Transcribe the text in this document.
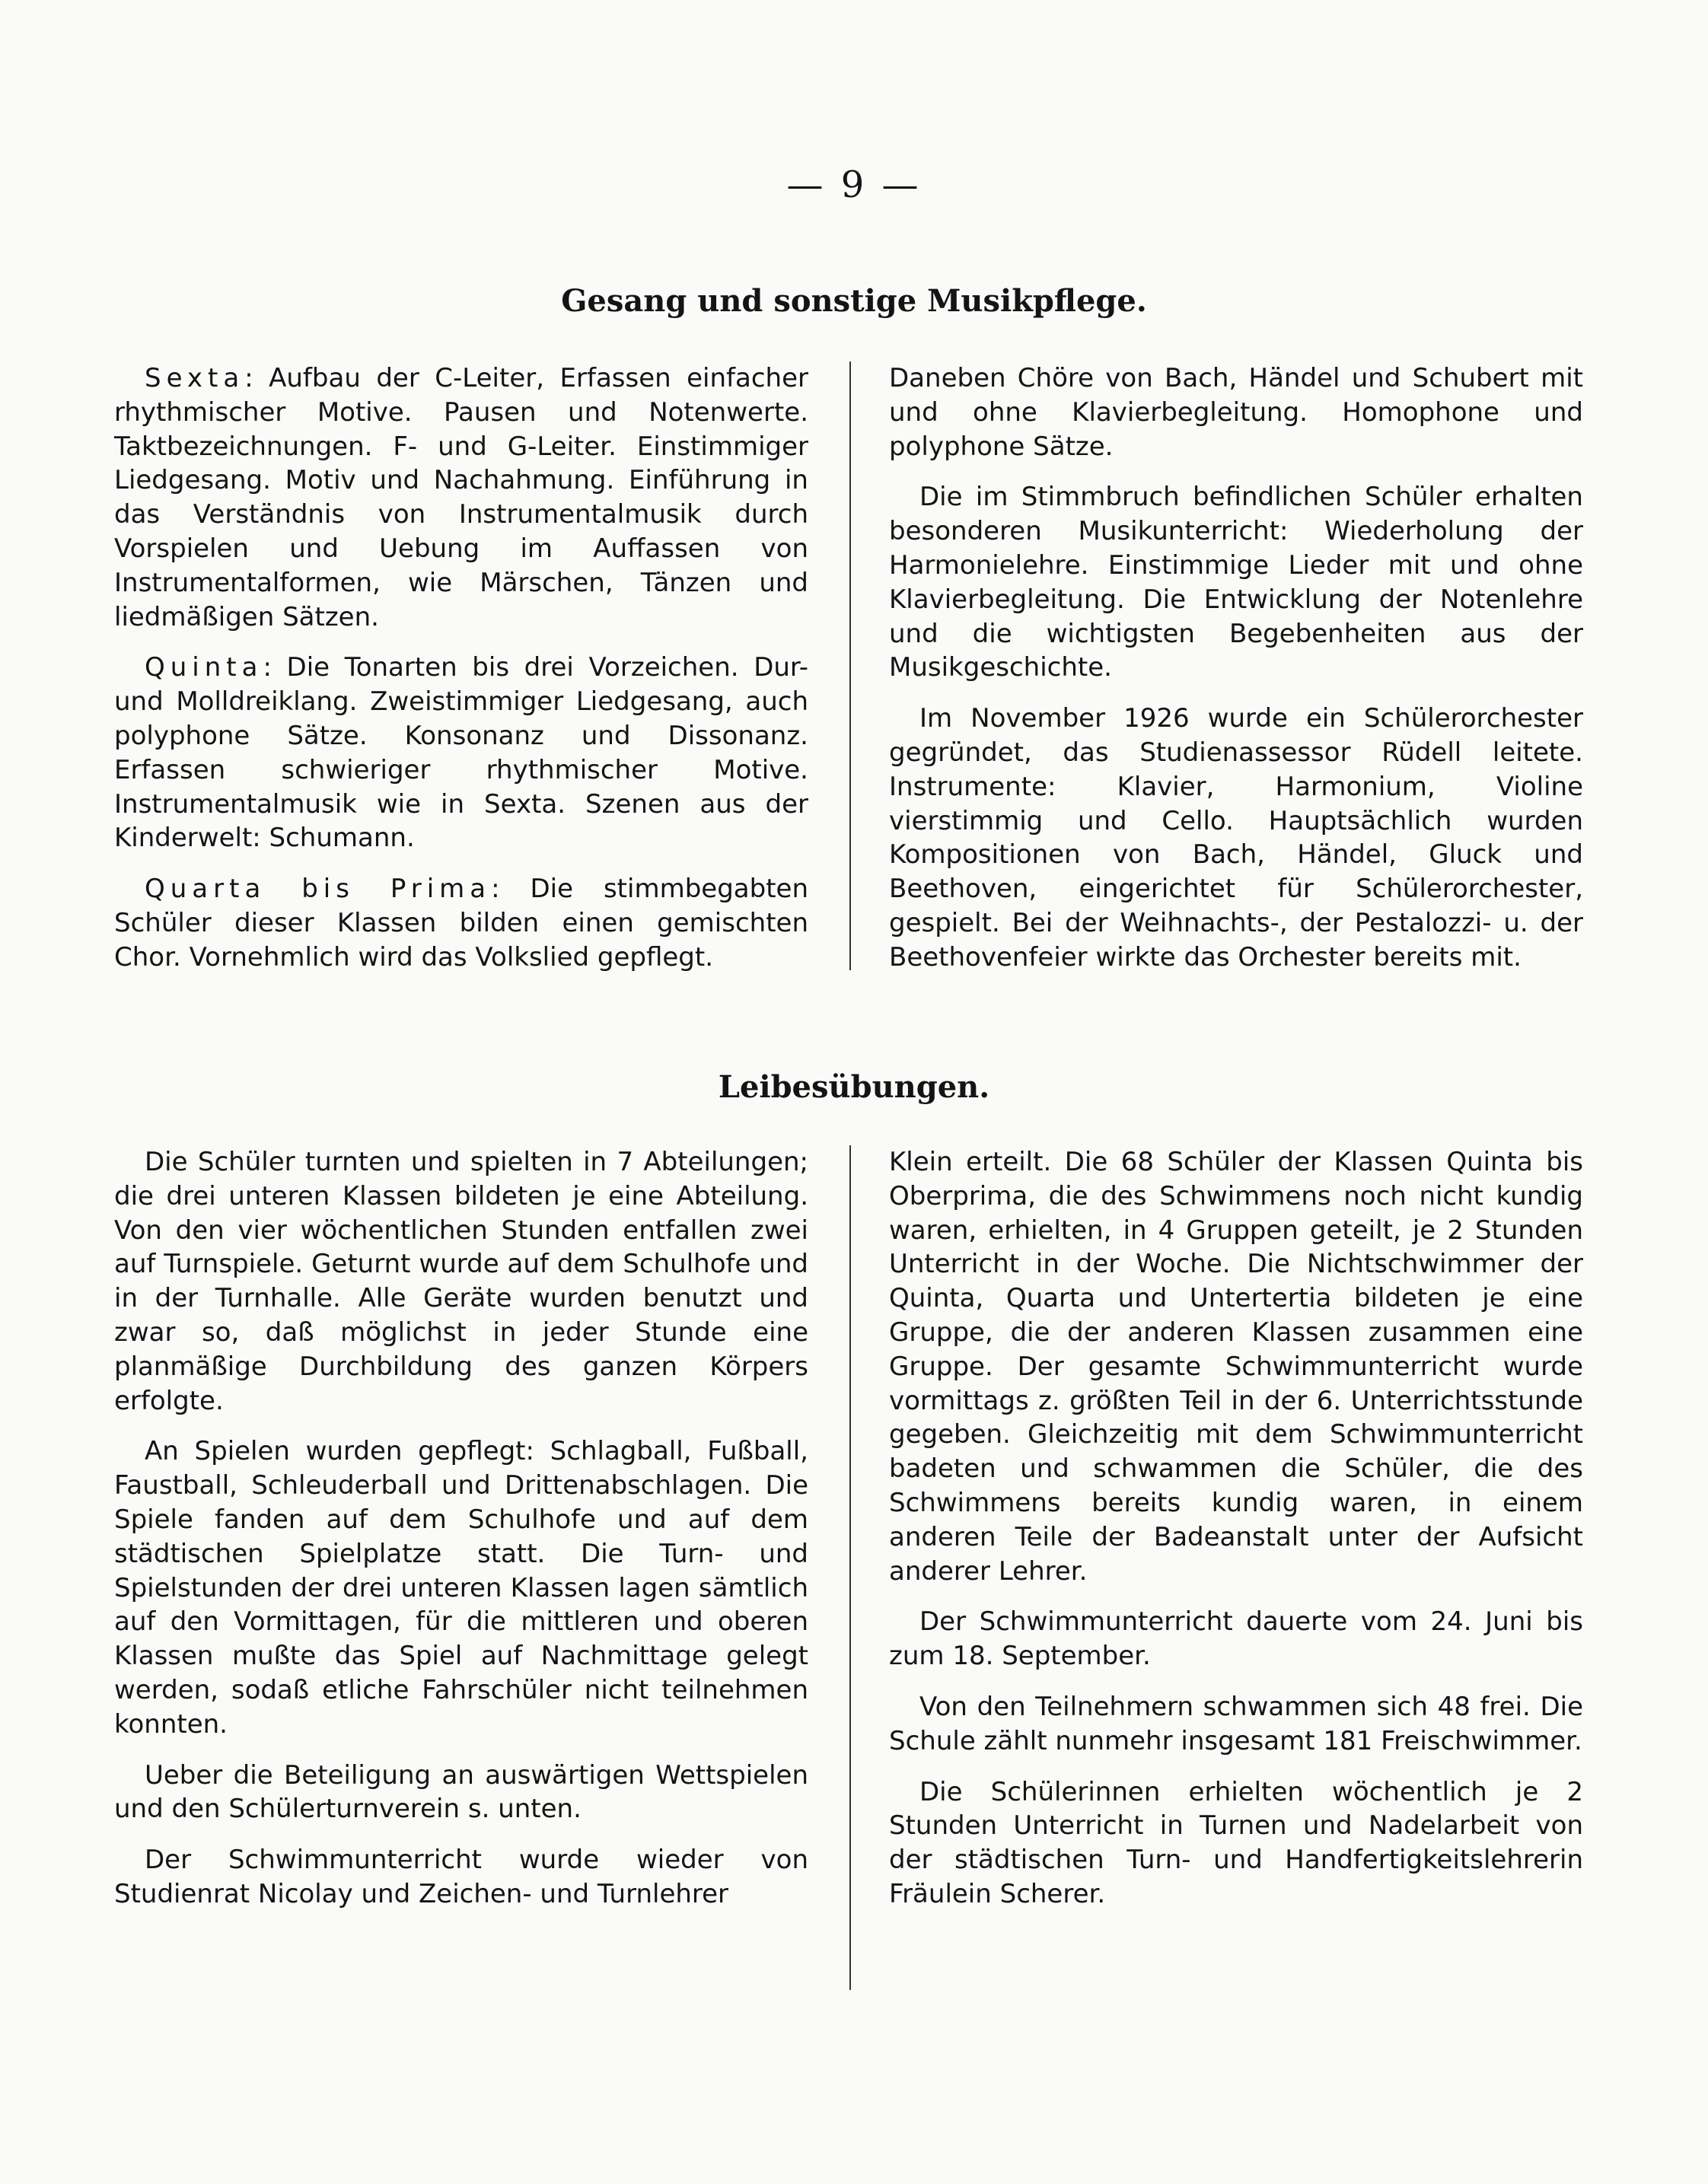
— 9 —
Gesang und sonstige Musikpflege.

Sexta: Aufbau der C-Leiter, Erfassen einfacher rhythmischer Motive. Pausen und Notenwerte. Taktbezeichnungen. F- und G-Leiter. Einstimmiger Liedgesang. Motiv und Nachahmung. Einführung in das Verständnis von Instrumentalmusik durch Vorspielen und Uebung im Auffassen von Instrumentalformen, wie Märschen, Tänzen und liedmäßigen Sätzen.

Quinta: Die Tonarten bis drei Vorzeichen. Dur- und Molldreiklang. Zweistimmiger Liedgesang, auch polyphone Sätze. Konsonanz und Dissonanz. Erfassen schwieriger rhythmischer Motive. Instrumentalmusik wie in Sexta. Szenen aus der Kinderwelt: Schumann.

Quarta bis Prima: Die stimmbegabten Schüler dieser Klassen bilden einen gemischten Chor. Vornehmlich wird das Volkslied gepflegt.

Daneben Chöre von Bach, Händel und Schubert mit und ohne Klavierbegleitung. Homophone und polyphone Sätze.

Die im Stimmbruch befindlichen Schüler erhalten besonderen Musikunterricht: Wiederholung der Harmonielehre. Einstimmige Lieder mit und ohne Klavierbegleitung. Die Entwicklung der Notenlehre und die wichtigsten Begebenheiten aus der Musikgeschichte.

Im November 1926 wurde ein Schülerorchester gegründet, das Studienassessor Rüdell leitete. Instrumente: Klavier, Harmonium, Violine vierstimmig und Cello. Hauptsächlich wurden Kompositionen von Bach, Händel, Gluck und Beethoven, eingerichtet für Schülerorchester, gespielt. Bei der Weihnachts-, der Pestalozzi- u. der Beethovenfeier wirkte das Orchester bereits mit.

Leibesübungen.

Die Schüler turnten und spielten in 7 Abteilungen; die drei unteren Klassen bildeten je eine Abteilung. Von den vier wöchentlichen Stunden entfallen zwei auf Turnspiele. Geturnt wurde auf dem Schulhofe und in der Turnhalle. Alle Geräte wurden benutzt und zwar so, daß möglichst in jeder Stunde eine planmäßige Durchbildung des ganzen Körpers erfolgte.

An Spielen wurden gepflegt: Schlagball, Fußball, Faustball, Schleuderball und Drittenabschlagen. Die Spiele fanden auf dem Schulhofe und auf dem städtischen Spielplatze statt. Die Turn- und Spielstunden der drei unteren Klassen lagen sämtlich auf den Vormittagen, für die mittleren und oberen Klassen mußte das Spiel auf Nachmittage gelegt werden, sodaß etliche Fahrschüler nicht teilnehmen konnten.

Ueber die Beteiligung an auswärtigen Wettspielen und den Schülerturnverein s. unten.

Der Schwimmunterricht wurde wieder von Studienrat Nicolay und Zeichen- und Turnlehrer

Klein erteilt. Die 68 Schüler der Klassen Quinta bis Oberprima, die des Schwimmens noch nicht kundig waren, erhielten, in 4 Gruppen geteilt, je 2 Stunden Unterricht in der Woche. Die Nichtschwimmer der Quinta, Quarta und Untertertia bildeten je eine Gruppe, die der anderen Klassen zusammen eine Gruppe. Der gesamte Schwimmunterricht wurde vormittags z. größten Teil in der 6. Unterrichtsstunde gegeben. Gleichzeitig mit dem Schwimmunterricht badeten und schwammen die Schüler, die des Schwimmens bereits kundig waren, in einem anderen Teile der Badeanstalt unter der Aufsicht anderer Lehrer.

Der Schwimmunterricht dauerte vom 24. Juni bis zum 18. September.

Von den Teilnehmern schwammen sich 48 frei. Die Schule zählt nunmehr insgesamt 181 Freischwimmer.

Die Schülerinnen erhielten wöchentlich je 2 Stunden Unterricht in Turnen und Nadelarbeit von der städtischen Turn- und Handfertigkeitslehrerin Fräulein Scherer.
